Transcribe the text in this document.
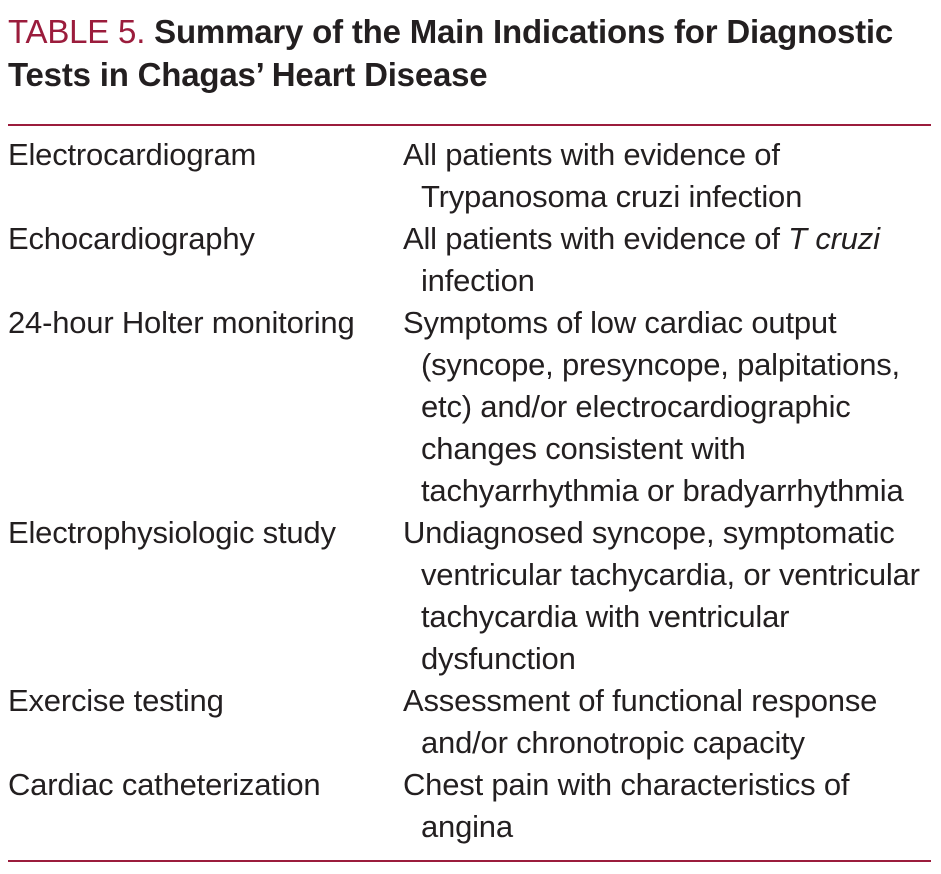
TABLE 5. Summary of the Main Indications for Diagnostic Tests in Chagas’ Heart Disease

Electrocardiogram	All patients with evidence of Trypanosoma cruzi infection
Echocardiography	All patients with evidence of T cruzi infection
24-hour Holter monitoring	Symptoms of low cardiac output (syncope, presyncope, palpitations, etc) and/or electrocardiographic changes consistent with tachyarrhythmia or bradyarrhythmia
Electrophysiologic study	Undiagnosed syncope, symptomatic ventricular tachycardia, or ventricular tachycardia with ventricular dysfunction
Exercise testing	Assessment of functional response and/or chronotropic capacity
Cardiac catheterization	Chest pain with characteristics of angina
